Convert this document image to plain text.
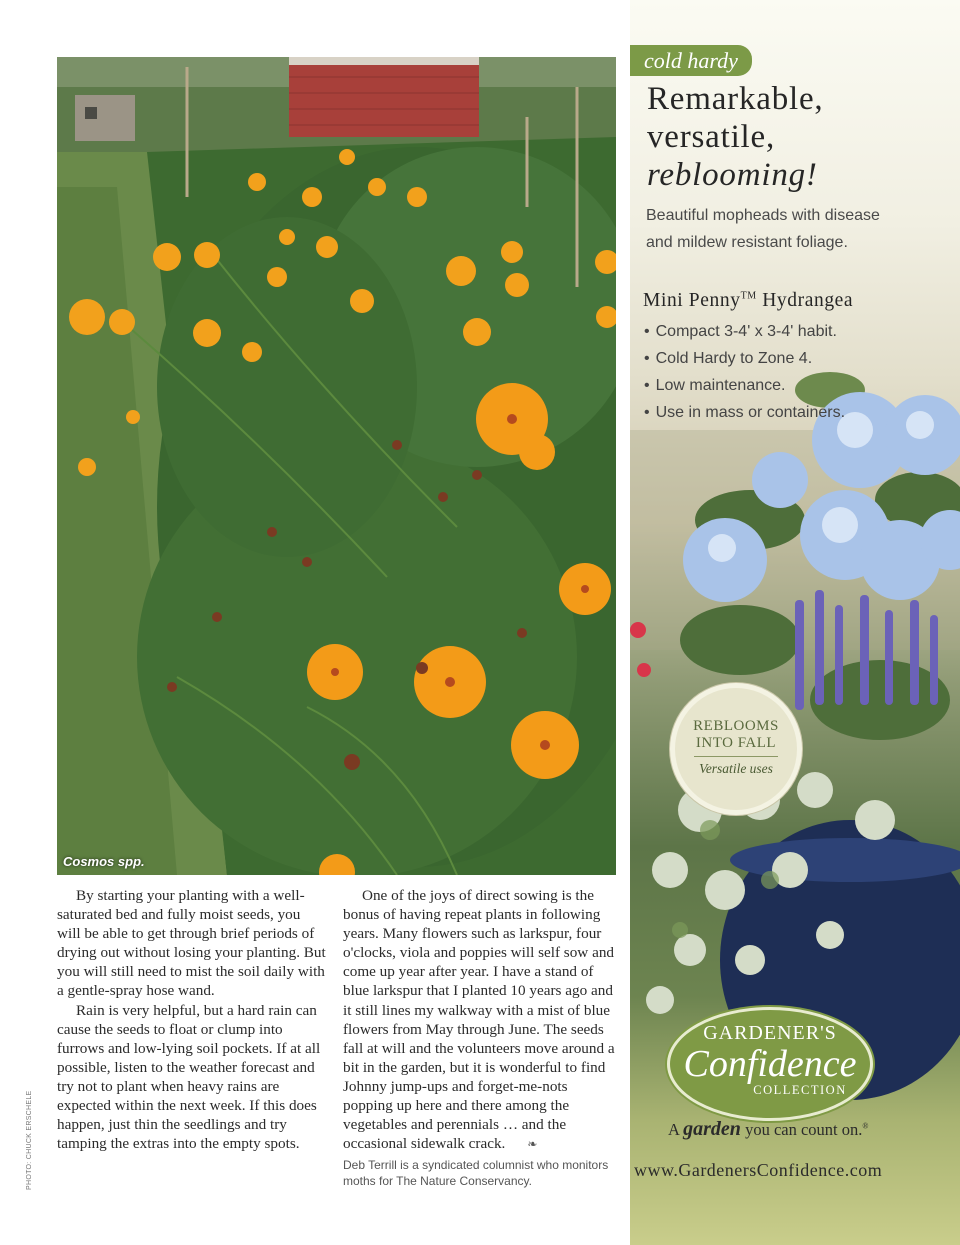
Cosmos spp.
PHOTO: CHUCK ERSCHELE

By starting your planting with a well-saturated bed and fully moist seeds, you will be able to get through brief periods of drying out without losing your planting. But you will still need to mist the soil daily with a gentle-spray hose wand.

Rain is very helpful, but a hard rain can cause the seeds to float or clump into furrows and low-lying soil pockets. If at all possible, listen to the weather forecast and try not to plant when heavy rains are expected within the next week. If this does happen, just thin the seedlings and try tamping the extras into the empty spots.

One of the joys of direct sowing is the bonus of having repeat plants in following years. Many flowers such as larkspur, four o'clocks, viola and poppies will self sow and come up year after year. I have a stand of blue larkspur that I planted 10 years ago and it still lines my walkway with a mist of blue flowers from May through June. The seeds fall at will and the volunteers move around a bit in the garden, but it is wonderful to find Johnny jump-ups and forget-me-nots popping up here and there among the vegetables and perennials … and the occasional sidewalk crack. ❧

Deb Terrill is a syndicated columnist who monitors moths for The Nature Conservancy.

cold hardy
Remarkable,
versatile,
reblooming!
Beautiful mopheads with disease and mildew resistant foliage.
Mini Penny™ Hydrangea
• Compact 3-4' x 3-4' habit.
• Cold Hardy to Zone 4.
• Low maintenance.
• Use in mass or containers.
REBLOOMS
INTO FALL
Versatile uses
GARDENER'S
Confidence
COLLECTION
A garden you can count on.®
www.GardenersConfidence.com
